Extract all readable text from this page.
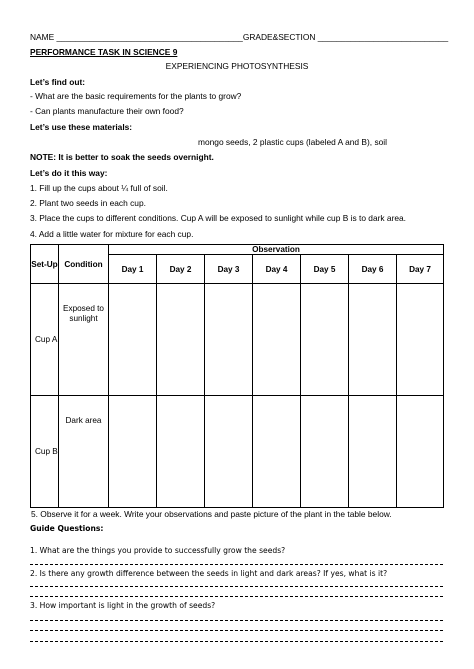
NAME ________________________________________GRADE&SECTION ____________________________
PERFORMANCE TASK IN SCIENCE 9
EXPERIENCING PHOTOSYNTHESIS
Let’s find out:
- What are the basic requirements for the plants to grow?
- Can plants manufacture their own food?
Let’s use these materials:
mongo seeds, 2 plastic cups (labeled A and B), soil
NOTE: It is better to soak the seeds overnight.
Let’s do it this way:
1. Fill up the cups about ¼ full of soil.
2. Plant two seeds in each cup.
3. Place the cups to different conditions. Cup A will be exposed to sunlight while cup B is to dark area.
4. Add a little water for mixture for each cup.
Set-Up	Condition	Observation						
		Day 1	Day 2	Day 3	Day 4	Day 5	Day 6	Day 7
Cup A	Exposed to sunlight							
Cup B	Dark area							
5. Observe it for a week. Write your observations and paste picture of the plant in the table below.
Guide Questions:
1. What are the things you provide to successfully grow the seeds?
2. Is there any growth difference between the seeds in light and dark areas? If yes, what is it?
3. How important is light in the growth of seeds?
